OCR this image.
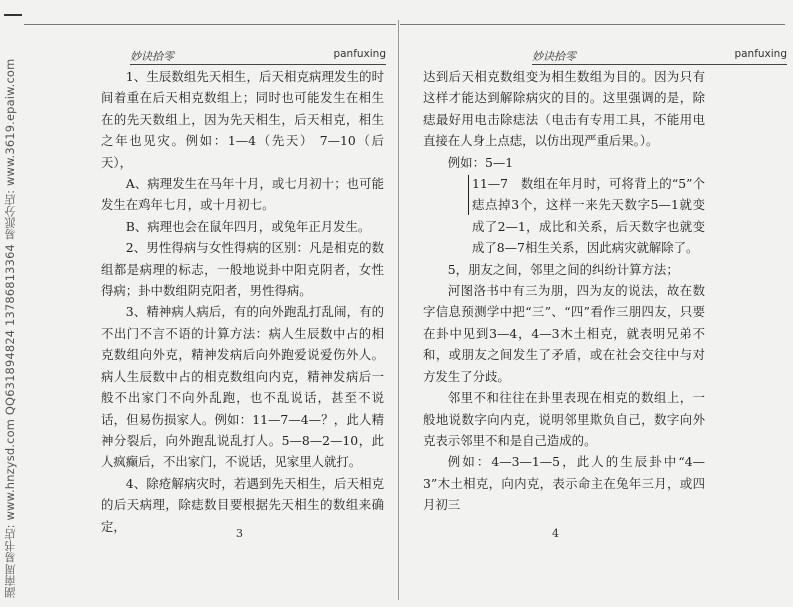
湖南周易书店: www.hnzysd.com QQ631894824 13786813364 易派分店: www.3619.epaiw.com
妙诀拾零	panfuxing

1、生辰数组先天相生，后天相克病理发生的时间着重在后天相克数组上；同时也可能发生在相生在的先天数组上，因为先天相生，后天相克，相生之年也见灾。例如：1—4（先天） 7—10（后天），

A、病理发生在马年十月，或七月初十；也可能发生在鸡年七月，或十月初七。

B、病理也会在鼠年四月，或兔年正月发生。

2、男性得病与女性得病的区别：凡是相克的数组都是病理的标志，一般地说卦中阳克阴者，女性得病；卦中数组阴克阳者，男性得病。

3、精神病人病后，有的向外跑乱打乱闹，有的不出门不言不语的计算方法：病人生辰数中占的相克数组向外克，精神发病后向外跑爱说爱伤外人。病人生辰数中占的相克数组向内克，精神发病后一般不出家门不向外乱跑，也不乱说话，甚至不说话，但易伤损家人。例如：11—7—4—？，此人精神分裂后，向外跑乱说乱打人。5—8—2—10，此人疯癫后，不出家门，不说话，见家里人就打。

4、除疮解病灾时，若遇到先天相生，后天相克的后天病理，除痣数目要根据先天相生的数组来确定，	3
妙诀拾零	panfuxing

达到后天相克数组变为相生数组为目的。因为只有这样才能达到解除病灾的目的。这里强调的是，除痣最好用电击除痣法（电击有专用工具，不能用电直接在人身上点痣，以仿出现严重后果。）。

例如：5—1

11—7　数组在年月时，可将背上的“5”个痣点掉3个，这样一来先天数字5—1就变成了2—1，成比和关系，后天数字也就变成了8—7相生关系，因此病灾就解除了。

5，朋友之间，邻里之间的纠纷计算方法；

河图洛书中有三为朋，四为友的说法，故在数字信息预测学中把“三”、“四”看作三朋四友，只要在卦中见到3—4，4—3木土相克，就表明兄弟不和，或朋友之间发生了矛盾，或在社会交往中与对方发生了分歧。

邻里不和往往在卦里表现在相克的数组上，一般地说数字向内克，说明邻里欺负自己，数字向外克表示邻里不和是自己造成的。

例如：4—3—1—5，此人的生辰卦中“4—3”木土相克，向内克，表示命主在兔年三月，或四月初三

4
